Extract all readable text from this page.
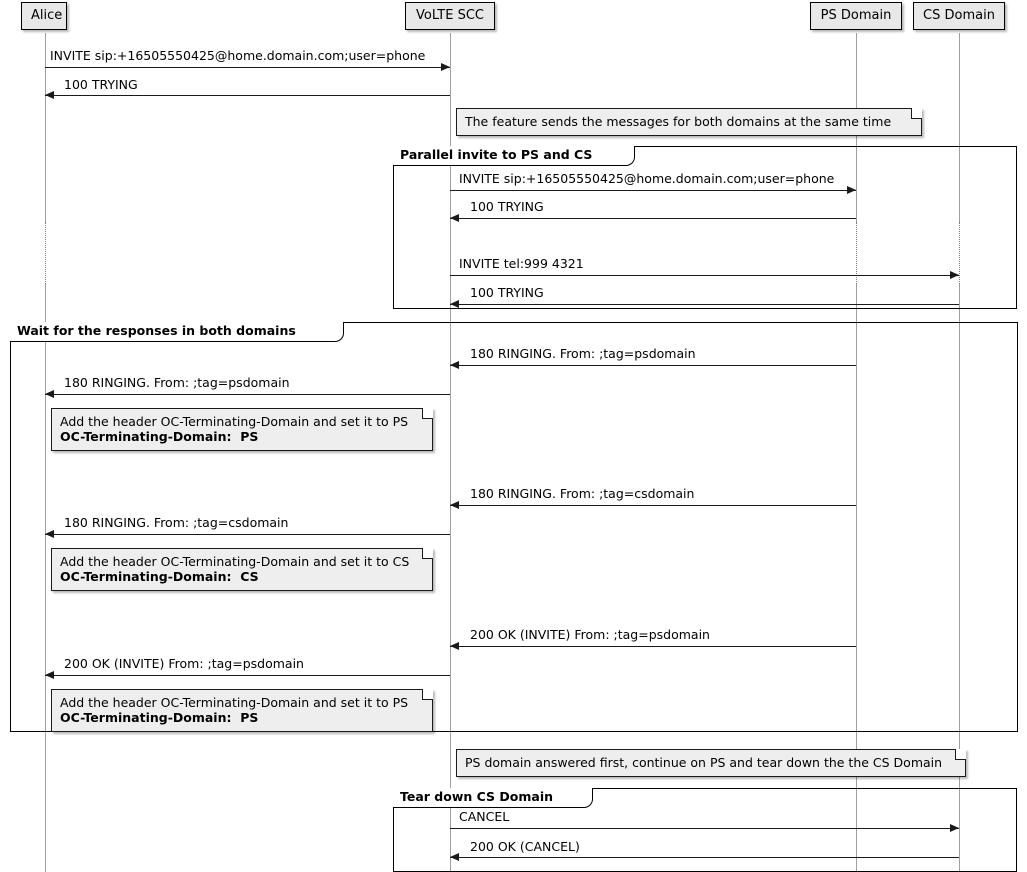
Parallel invite to PS and CS
Wait for the responses in both domains
Tear down CS Domain
INVITE sip:+16505550425@home.domain.com;user=phone
100 TRYING
INVITE sip:+16505550425@home.domain.com;user=phone
100 TRYING
INVITE tel:999 4321
100 TRYING
180 RINGING. From: ;tag=psdomain
180 RINGING. From: ;tag=psdomain
180 RINGING. From: ;tag=csdomain
180 RINGING. From: ;tag=csdomain
200 OK (INVITE) From: ;tag=psdomain
200 OK (INVITE) From: ;tag=psdomain
CANCEL
200 OK (CANCEL)
The feature sends the messages for both domains at the same time
Add the header OC-Terminating-Domain and set it to PS
OC-Terminating-Domain:  PS
Add the header OC-Terminating-Domain and set it to CS
OC-Terminating-Domain:  CS
Add the header OC-Terminating-Domain and set it to PS
OC-Terminating-Domain:  PS
PS domain answered first, continue on PS and tear down the the CS Domain
Alice	VoLTE SCC	PS Domain	CS Domain
